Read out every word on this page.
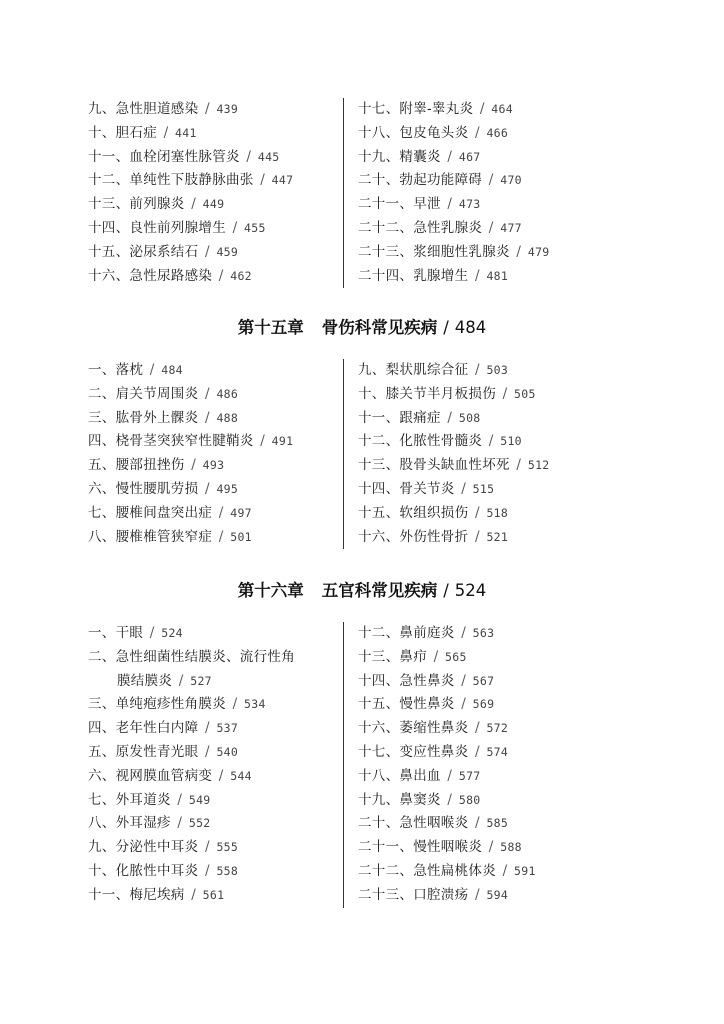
九、急性胆道感染 / 439
十、胆石症 / 441
十一、血栓闭塞性脉管炎 / 445
十二、单纯性下肢静脉曲张 / 447
十三、前列腺炎 / 449
十四、良性前列腺增生 / 455
十五、泌尿系结石 / 459
十六、急性尿路感染 / 462
十七、附睾-睾丸炎 / 464
十八、包皮龟头炎 / 466
十九、精囊炎 / 467
二十、勃起功能障碍 / 470
二十一、早泄 / 473
二十二、急性乳腺炎 / 477
二十三、浆细胞性乳腺炎 / 479
二十四、乳腺增生 / 481
第十五章 骨伤科常见疾病 / 484
一、落枕 / 484
二、肩关节周围炎 / 486
三、肱骨外上髁炎 / 488
四、桡骨茎突狭窄性腱鞘炎 / 491
五、腰部扭挫伤 / 493
六、慢性腰肌劳损 / 495
七、腰椎间盘突出症 / 497
八、腰椎椎管狭窄症 / 501
九、梨状肌综合征 / 503
十、膝关节半月板损伤 / 505
十一、跟痛症 / 508
十二、化脓性骨髓炎 / 510
十三、股骨头缺血性坏死 / 512
十四、骨关节炎 / 515
十五、软组织损伤 / 518
十六、外伤性骨折 / 521
第十六章 五官科常见疾病 / 524
一、干眼 / 524
二、急性细菌性结膜炎、流行性角
膜结膜炎 / 527
三、单纯疱疹性角膜炎 / 534
四、老年性白内障 / 537
五、原发性青光眼 / 540
六、视网膜血管病变 / 544
七、外耳道炎 / 549
八、外耳湿疹 / 552
九、分泌性中耳炎 / 555
十、化脓性中耳炎 / 558
十一、梅尼埃病 / 561
十二、鼻前庭炎 / 563
十三、鼻疖 / 565
十四、急性鼻炎 / 567
十五、慢性鼻炎 / 569
十六、萎缩性鼻炎 / 572
十七、变应性鼻炎 / 574
十八、鼻出血 / 577
十九、鼻窦炎 / 580
二十、急性咽喉炎 / 585
二十一、慢性咽喉炎 / 588
二十二、急性扁桃体炎 / 591
二十三、口腔溃疡 / 594
